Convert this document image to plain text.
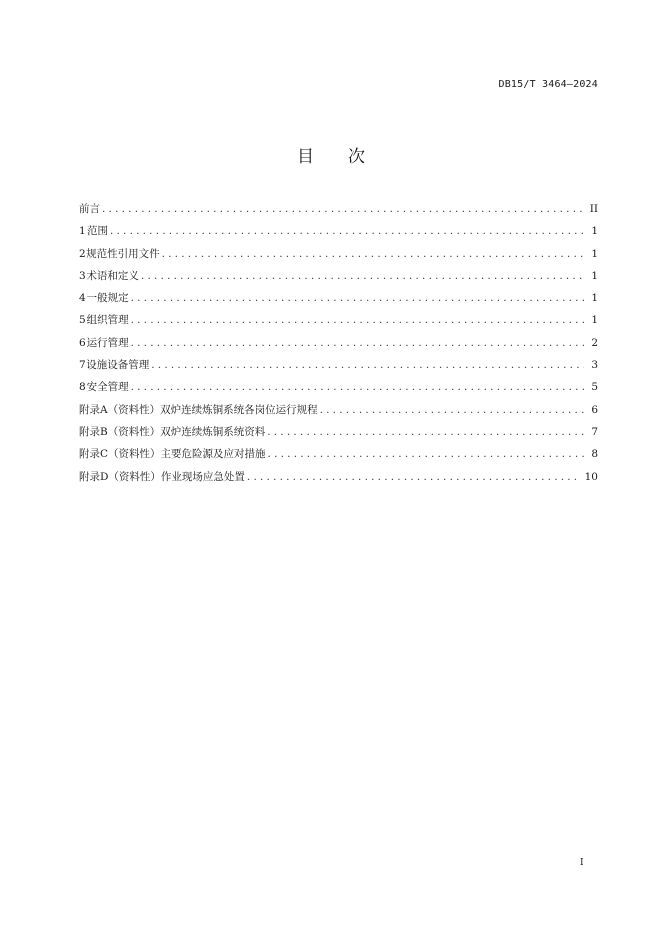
DB15/T 3464—2024
目 次
前言 .....	II
1 范围 .....	1
2 规范性引用文件 .....	1
3 术语和定义 .....	1
4 一般规定 .....	1
5 组织管理 .....	1
6 运行管理 .....	2
7 设施设备管理 .....	3
8 安全管理 .....	5
附录A（资料性） 双炉连续炼铜系统各岗位运行规程 .....	6
附录B（资料性） 双炉连续炼铜系统资料 .....	7
附录C（资料性） 主要危险源及应对措施 .....	8
附录D（资料性） 作业现场应急处置 .....	10
I
